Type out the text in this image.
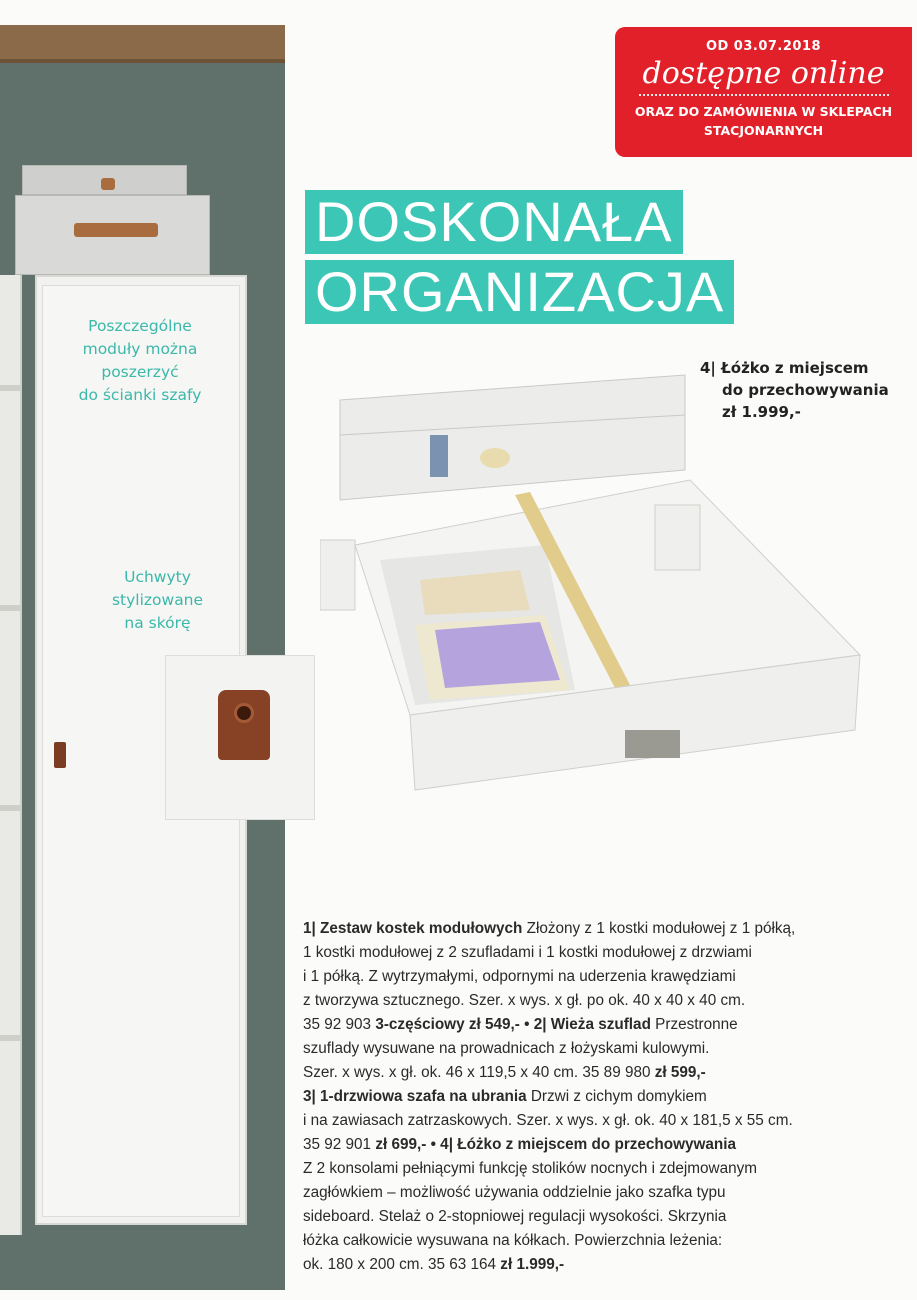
Poszczególne
moduły można
poszerzyć
do ścianki szafy
Uchwyty
stylizowane
na skórę
OD 03.07.2018
dostępne online
ORAZ DO ZAMÓWIENIA W SKLEPACH
STACJONARNYCH
DOSKONAŁA
ORGANIZACJA
4| Łóżko z miejscem
do przechowywania
zł 1.999,-
1| Zestaw kostek modułowych Złożony z 1 kostki modułowej z 1 półką,
1 kostki modułowej z 2 szufladami i 1 kostki modułowej z drzwiami
i 1 półką. Z wytrzymałymi, odpornymi na uderzenia krawędziami
z tworzywa sztucznego. Szer. x wys. x gł. po ok. 40 x 40 x 40 cm.
35 92 903 3-częściowy zł 549,- • 2| Wieża szuflad Przestronne
szuflady wysuwane na prowadnicach z łożyskami kulowymi.
Szer. x wys. x gł. ok. 46 x 119,5 x 40 cm. 35 89 980 zł 599,-
3| 1-drzwiowa szafa na ubrania Drzwi z cichym domykiem
i na zawiasach zatrzaskowych. Szer. x wys. x gł. ok. 40 x 181,5 x 55 cm.
35 92 901 zł 699,- • 4| Łóżko z miejscem do przechowywania
Z 2 konsolami pełniącymi funkcję stolików nocnych i zdejmowanym
zagłówkiem – możliwość używania oddzielnie jako szafka typu
sideboard. Stelaż o 2-stopniowej regulacji wysokości. Skrzynia
łóżka całkowicie wysuwana na kółkach. Powierzchnia leżenia:
ok. 180 x 200 cm. 35 63 164 zł 1.999,-
